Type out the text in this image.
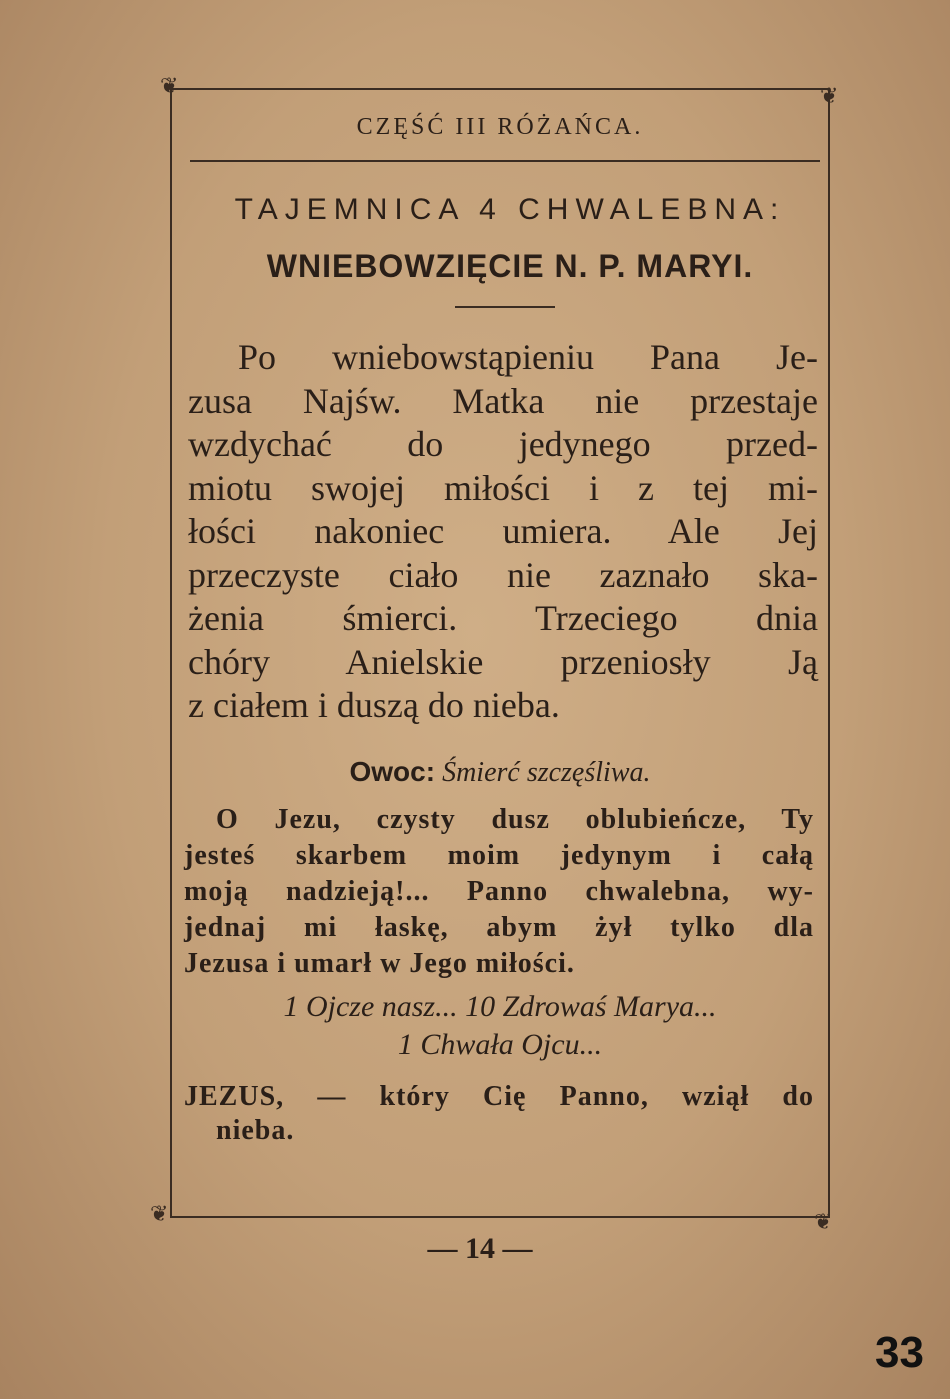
❦	❦
❦	❦
CZĘŚĆ III RÓŻAŃCA.
TAJEMNICA 4 CHWALEBNA:
WNIEBOWZIĘCIE N. P. MARYI.
Po wniebowstąpieniu Pana Je-
zusa Najśw. Matka nie przestaje
wzdychać do jedynego przed-
miotu swojej miłości i z tej mi-
łości nakoniec umiera. Ale Jej
przeczyste ciało nie zaznało ska-
żenia śmierci. Trzeciego dnia
chóry Anielskie przeniosły Ją
z ciałem i duszą do nieba.
Owoc: Śmierć szczęśliwa.
O Jezu, czysty dusz oblubieńcze, Ty
jesteś skarbem moim jedynym i całą
moją nadzieją!... Panno chwalebna, wy-
jednaj mi łaskę, abym żył tylko dla
Jezusa i umarł w Jego miłości.
1 Ojcze nasz... 10 Zdrowaś Marya...
1 Chwała Ojcu...
JEZUS, — który Cię Panno, wziął do
nieba.
— 14 —
33
